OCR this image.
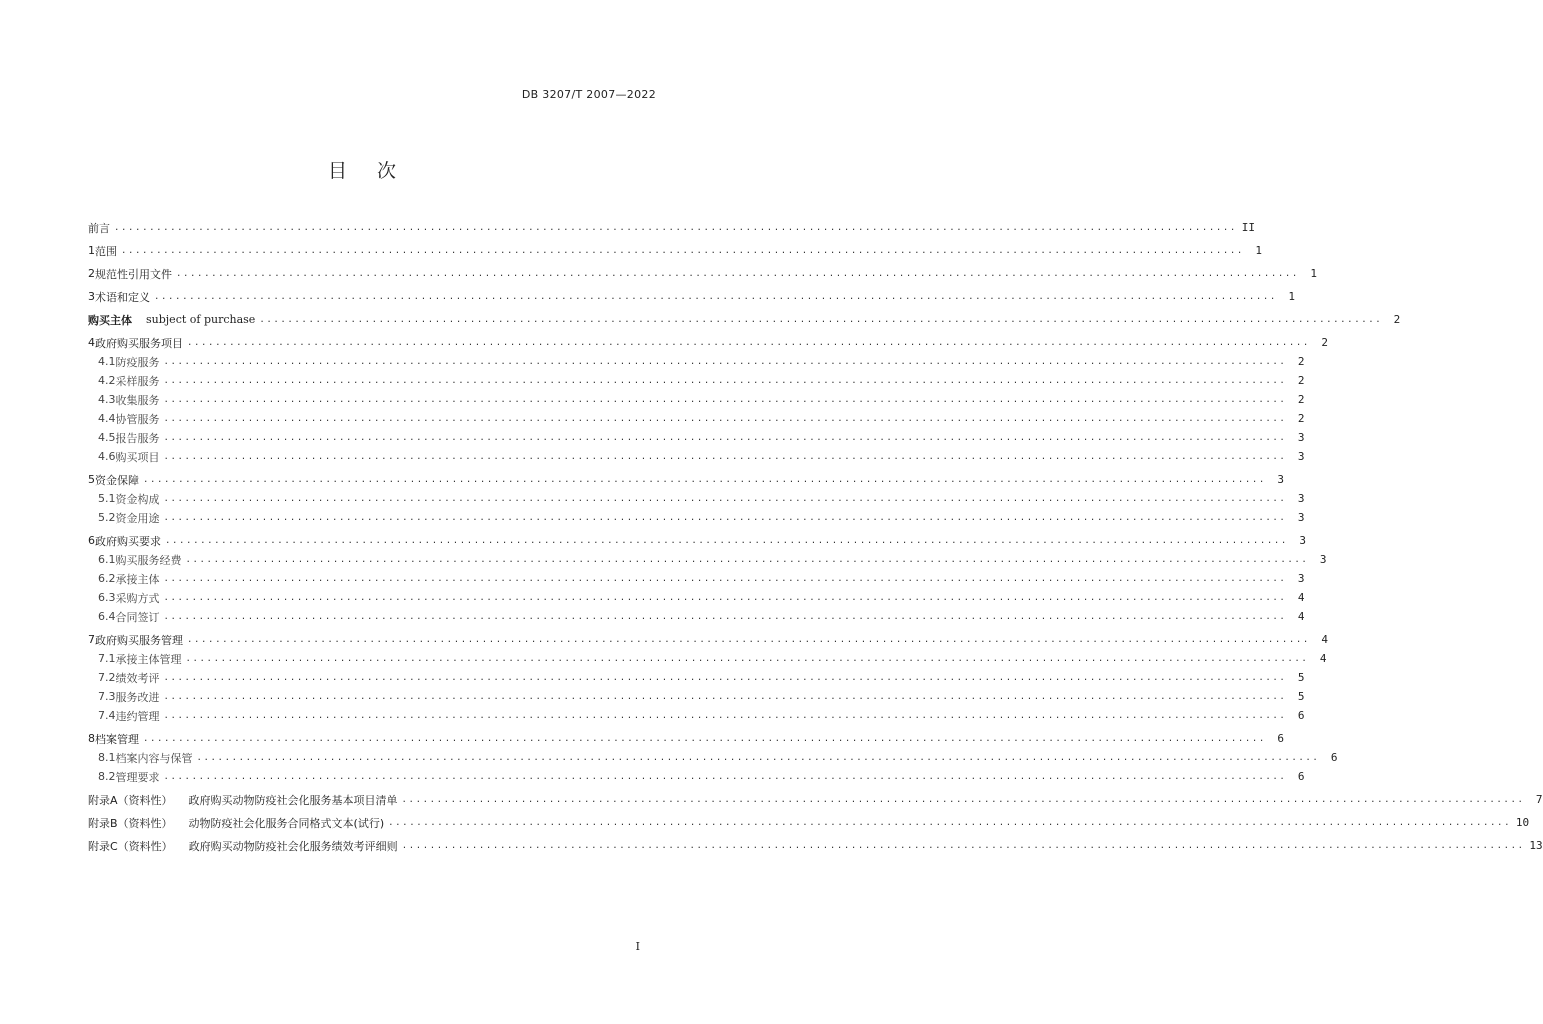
DB 3207/T 2007—2022
目 次
前言 ................................................................................................................................................................ II
1 范围 ................................................................................................................................................................	1
2 规范性引用文件 ................................................................................................................................................................	1
3 术语和定义 ................................................................................................................................................................	1
购买主体 subject of purchase ................................................................................................................................................................	2
4 政府购买服务项目 ................................................................................................................................................................	2
4.1 防疫服务 ................................................................................................................................................................	2
4.2 采样服务 ................................................................................................................................................................	2
4.3 收集服务 ................................................................................................................................................................	2
4.4 协管服务 ................................................................................................................................................................	2
4.5 报告服务 ................................................................................................................................................................	3
4.6 购买项目 ................................................................................................................................................................	3
5 资金保障 ................................................................................................................................................................	3
5.1 资金构成 ................................................................................................................................................................	3
5.2 资金用途 ................................................................................................................................................................	3
6 政府购买要求 ................................................................................................................................................................	3
6.1 购买服务经费 ................................................................................................................................................................	3
6.2 承接主体 ................................................................................................................................................................	3
6.3 采购方式 ................................................................................................................................................................	4
6.4 合同签订 ................................................................................................................................................................	4
7 政府购买服务管理 ................................................................................................................................................................	4
7.1 承接主体管理 ................................................................................................................................................................	4
7.2 绩效考评 ................................................................................................................................................................	5
7.3 服务改进 ................................................................................................................................................................	5
7.4 违约管理 ................................................................................................................................................................	6
8 档案管理 ................................................................................................................................................................	6
8.1 档案内容与保管 ................................................................................................................................................................	6
8.2 管理要求 ................................................................................................................................................................	6
附录A（资料性） 政府购买动物防疫社会化服务基本项目清单 ................................................................................................................................................................	7
附录B（资料性） 动物防疫社会化服务合同格式文本(试行) ................................................................................................................................................................ 10
附录C（资料性） 政府购买动物防疫社会化服务绩效考评细则 ................................................................................................................................................................ 13
I
